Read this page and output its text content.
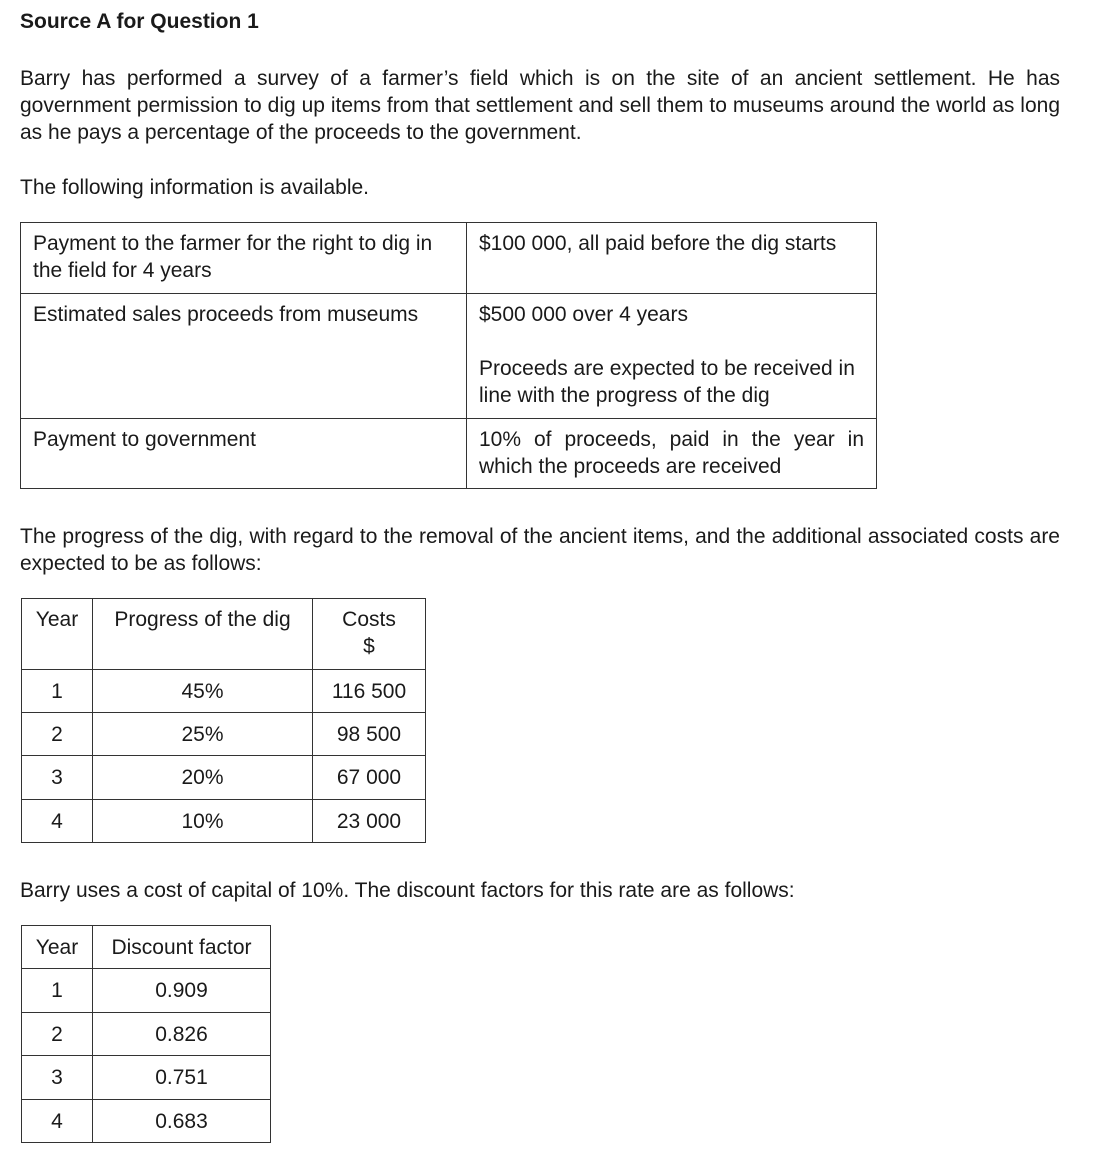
Source A for Question 1

Barry has performed a survey of a farmer’s field which is on the site of an ancient settlement. He has government permission to dig up items from that settlement and sell them to museums around the world as long as he pays a percentage of the proceeds to the government.

The following information is available.

Payment to the farmer for the right to dig in the field for 4 years	$100 000, all paid before the dig starts
Estimated sales proceeds from museums	$500 000 over 4 years
Proceeds are expected to be received in line with the progress of the dig

Payment to government	10% of proceeds, paid in the year in which the proceeds are received

The progress of the dig, with regard to the removal of the ancient items, and the additional associated costs are expected to be as follows:

Year	Progress of the dig	Costs
$

1	45%	116 500
2	25%	98 500
3	20%	67 000
4	10%	23 000

Barry uses a cost of capital of 10%. The discount factors for this rate are as follows:

Year	Discount factor
1	0.909
2	0.826
3	0.751
4	0.683
